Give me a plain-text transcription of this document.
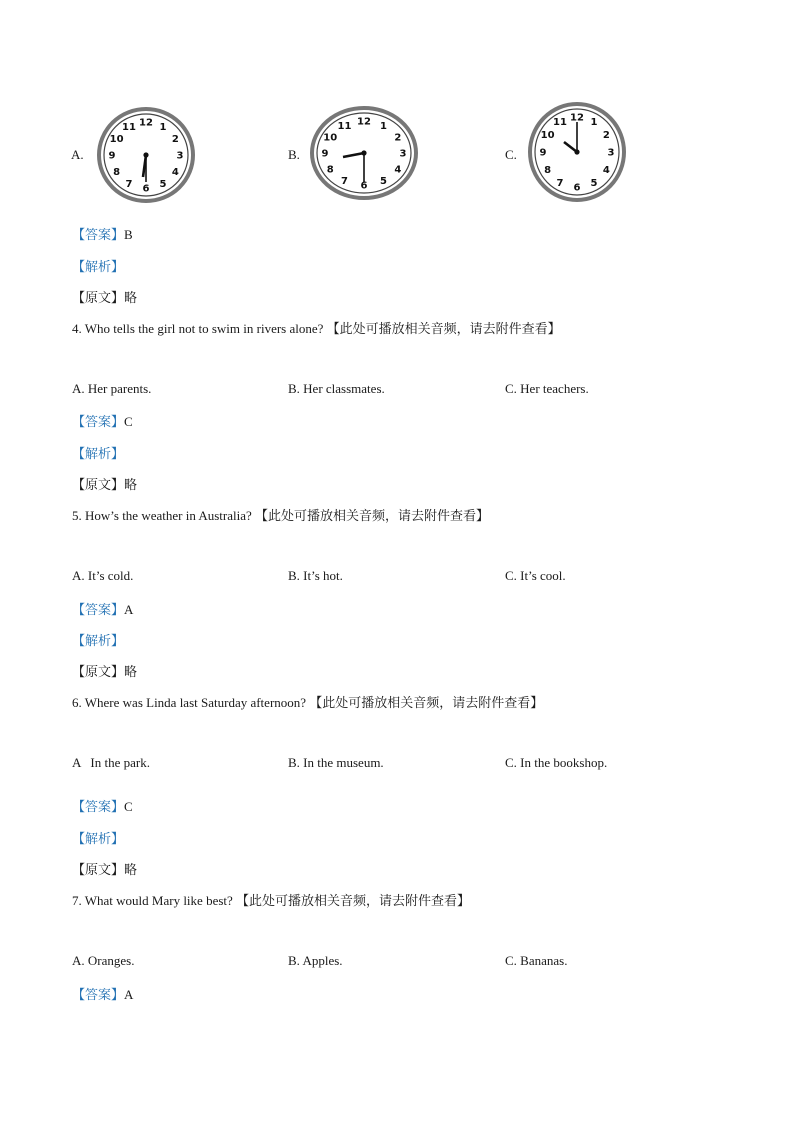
A.
12 1
2
3
4
5
6
7
8
9
10
11
B.
12 1
2
3
4
5
6
7
8
9
10
11
C.
12 1
2
3
4
5
6
7
8
9
10
11
【答案】B
【解析】
【原文】略
4. Who tells the girl not to swim in rivers alone? 【此处可播放相关音频，请去附件查看】
A. Her parents.	B. Her classmates.	C. Her teachers.
【答案】C
【解析】
【原文】略
5. How’s the weather in Australia? 【此处可播放相关音频，请去附件查看】
A. It’s cold.	B. It’s hot.	C. It’s cool.
【答案】A
【解析】
【原文】略
6. Where was Linda last Saturday afternoon? 【此处可播放相关音频，请去附件查看】
A   In the park.	B. In the museum.	C. In the bookshop.
【答案】C
【解析】
【原文】略
7. What would Mary like best? 【此处可播放相关音频，请去附件查看】
A. Oranges.	B. Apples.	C. Bananas.
【答案】A
